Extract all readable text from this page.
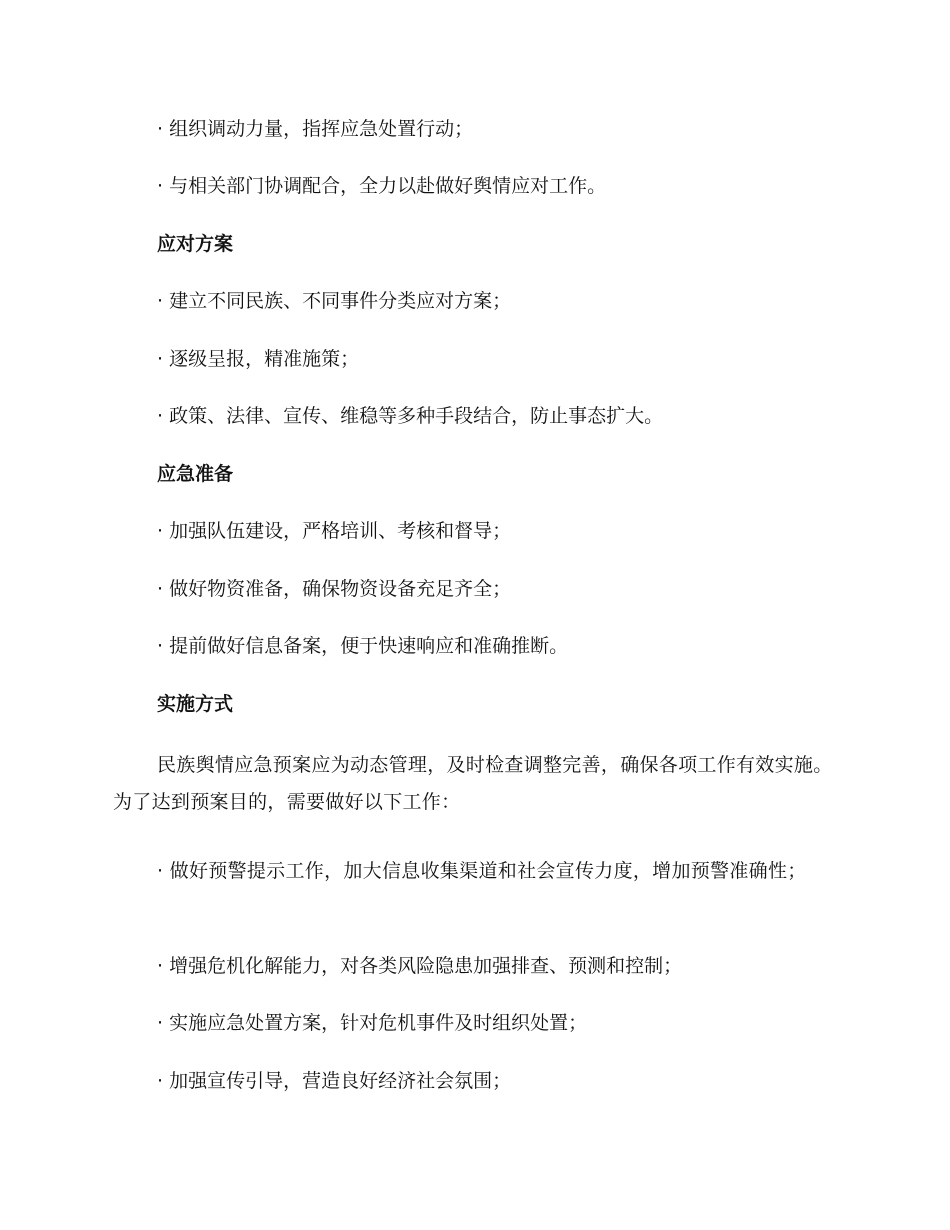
· 组织调动力量，指挥应急处置行动；
· 与相关部门协调配合，全力以赴做好舆情应对工作。
应对方案
· 建立不同民族、不同事件分类应对方案；
· 逐级呈报，精准施策；
· 政策、法律、宣传、维稳等多种手段结合，防止事态扩大。
应急准备
· 加强队伍建设，严格培训、考核和督导；
· 做好物资准备，确保物资设备充足齐全；
· 提前做好信息备案，便于快速响应和准确推断。
实施方式
民族舆情应急预案应为动态管理，及时检查调整完善，确保各项工作有效实施。为了达到预案目的，需要做好以下工作：
· 做好预警提示工作，加大信息收集渠道和社会宣传力度，增加预警准确性；
· 增强危机化解能力，对各类风险隐患加强排查、预测和控制；
· 实施应急处置方案，针对危机事件及时组织处置；
· 加强宣传引导，营造良好经济社会氛围；
